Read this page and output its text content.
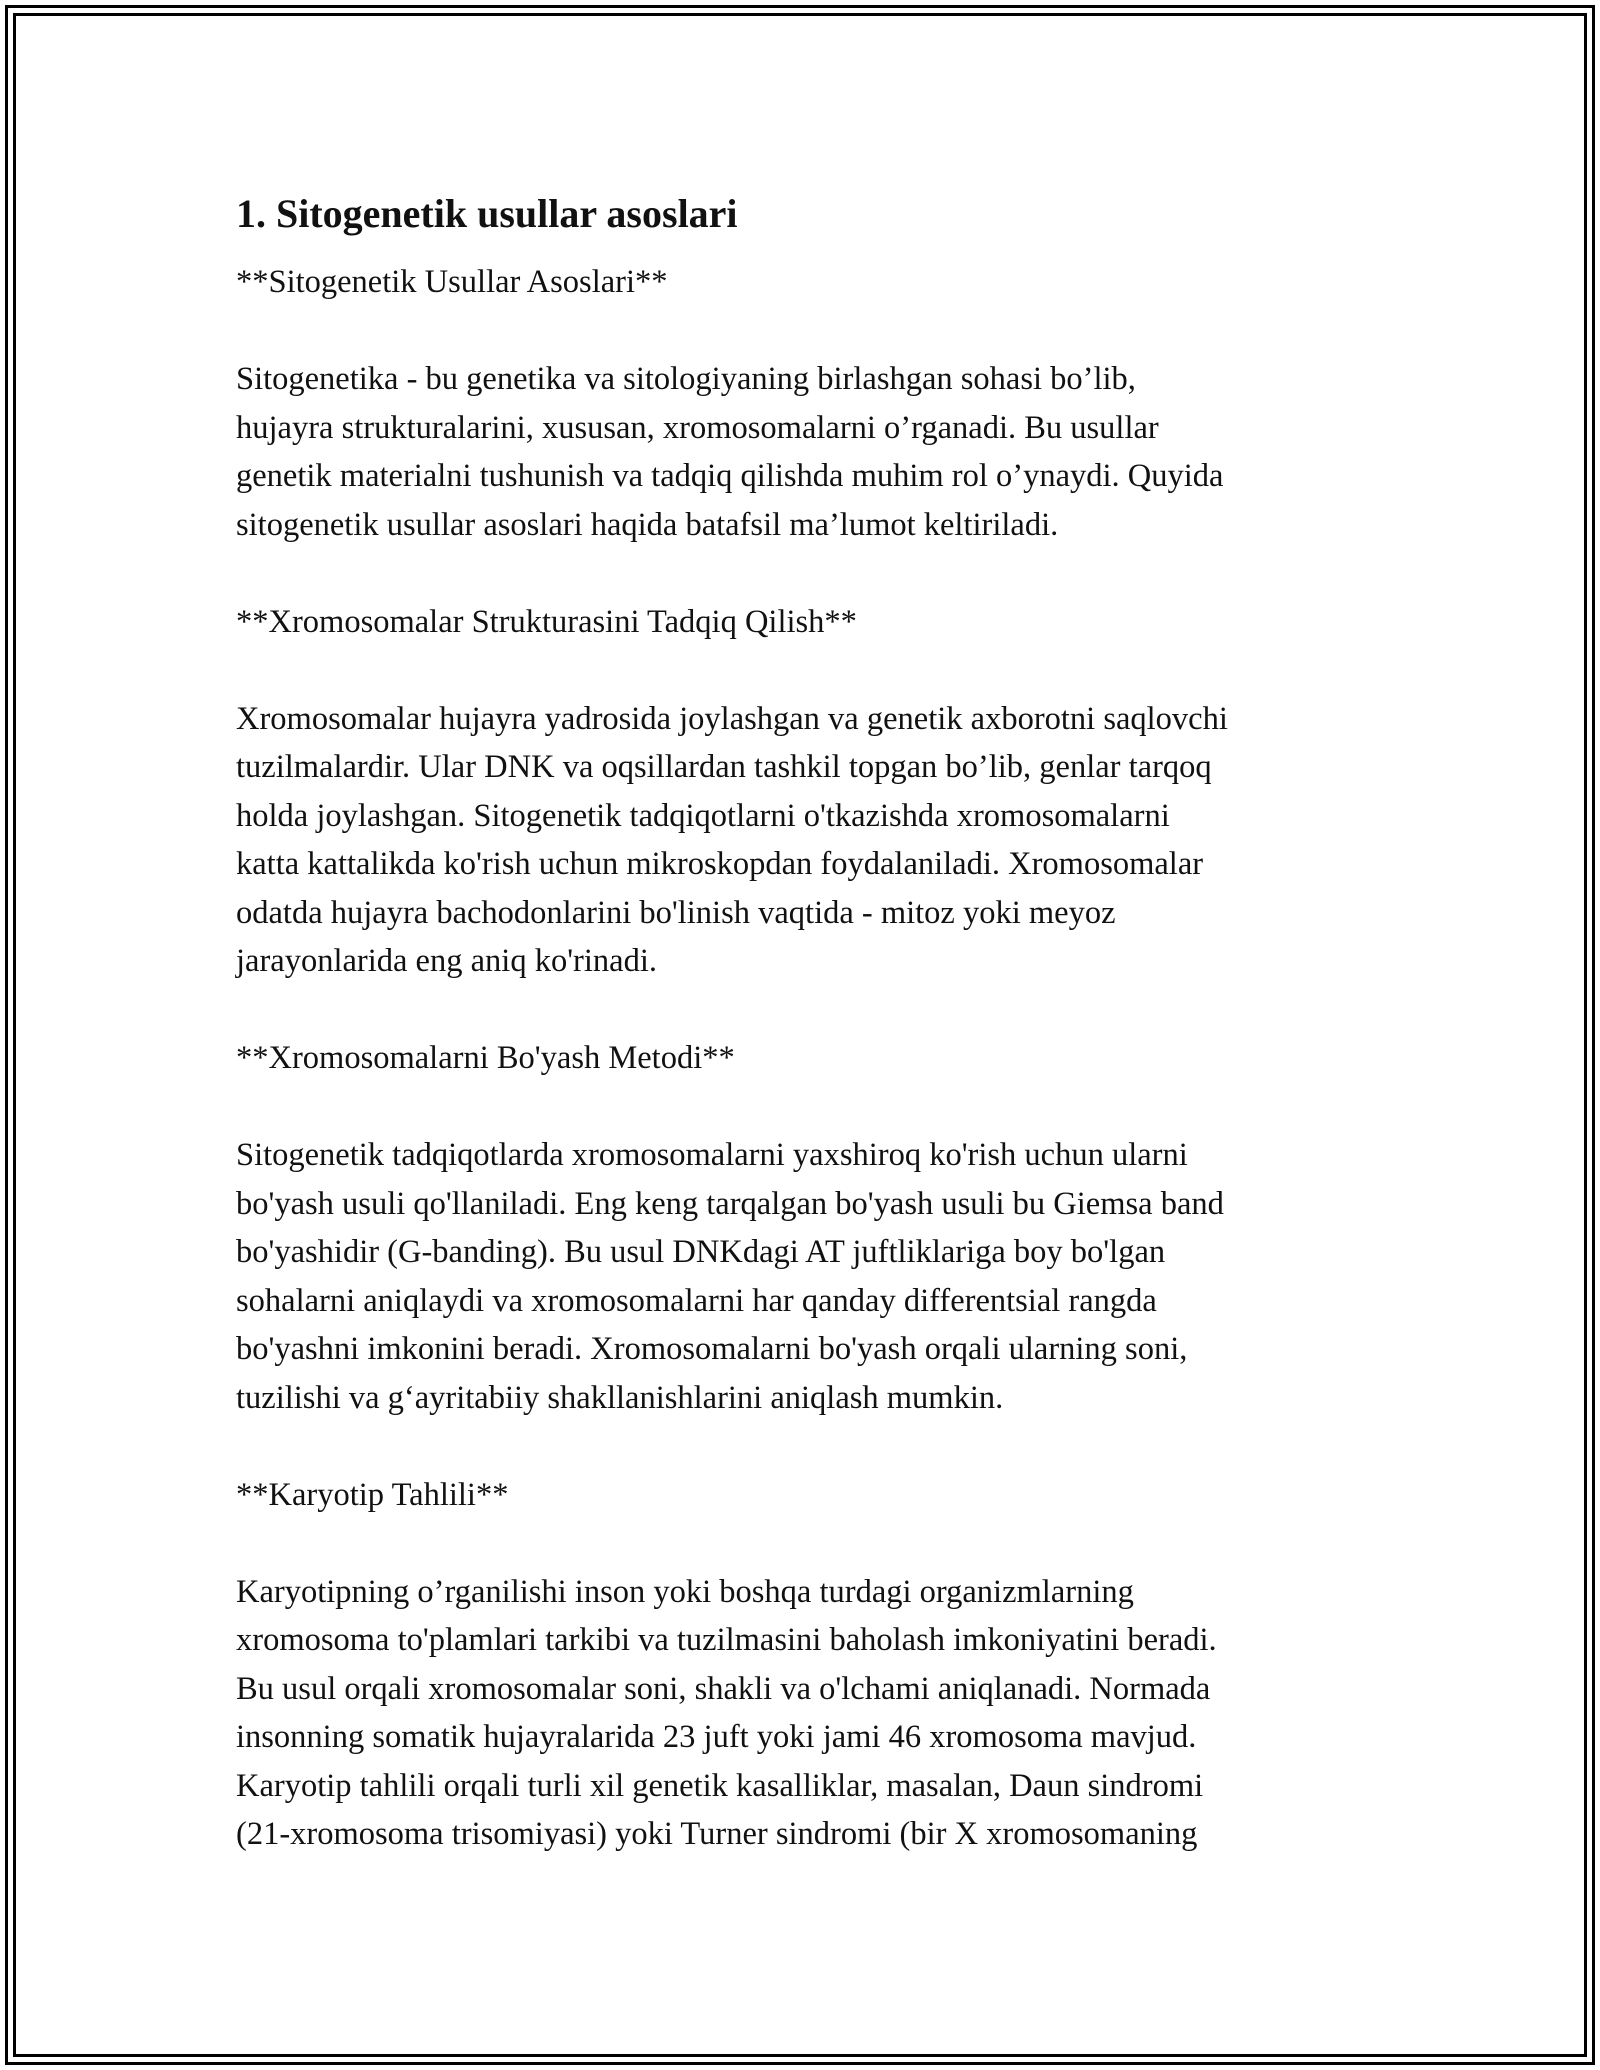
1. Sitogenetik usullar asoslari
**Sitogenetik Usullar Asoslari**
Sitogenetika - bu genetika va sitologiyaning birlashgan sohasi bo’lib,
hujayra strukturalarini, xususan, xromosomalarni o’rganadi. Bu usullar
genetik materialni tushunish va tadqiq qilishda muhim rol o’ynaydi. Quyida
sitogenetik usullar asoslari haqida batafsil ma’lumot keltiriladi.
**Xromosomalar Strukturasini Tadqiq Qilish**
Xromosomalar hujayra yadrosida joylashgan va genetik axborotni saqlovchi
tuzilmalardir. Ular DNK va oqsillardan tashkil topgan bo’lib, genlar tarqoq
holda joylashgan. Sitogenetik tadqiqotlarni o'tkazishda xromosomalarni
katta kattalikda ko'rish uchun mikroskopdan foydalaniladi. Xromosomalar
odatda hujayra bachodonlarini bo'linish vaqtida - mitoz yoki meyoz
jarayonlarida eng aniq ko'rinadi.
**Xromosomalarni Bo'yash Metodi**
Sitogenetik tadqiqotlarda xromosomalarni yaxshiroq ko'rish uchun ularni
bo'yash usuli qo'llaniladi. Eng keng tarqalgan bo'yash usuli bu Giemsa band
bo'yashidir (G-banding). Bu usul DNKdagi AT juftliklariga boy bo'lgan
sohalarni aniqlaydi va xromosomalarni har qanday differentsial rangda
bo'yashni imkonini beradi. Xromosomalarni bo'yash orqali ularning soni,
tuzilishi va g‘ayritabiiy shakllanishlarini aniqlash mumkin.
**Karyotip Tahlili**
Karyotipning o’rganilishi inson yoki boshqa turdagi organizmlarning
xromosoma to'plamlari tarkibi va tuzilmasini baholash imkoniyatini beradi.
Bu usul orqali xromosomalar soni, shakli va o'lchami aniqlanadi. Normada
insonning somatik hujayralarida 23 juft yoki jami 46 xromosoma mavjud.
Karyotip tahlili orqali turli xil genetik kasalliklar, masalan, Daun sindromi
(21-xromosoma trisomiyasi) yoki Turner sindromi (bir X xromosomaning
